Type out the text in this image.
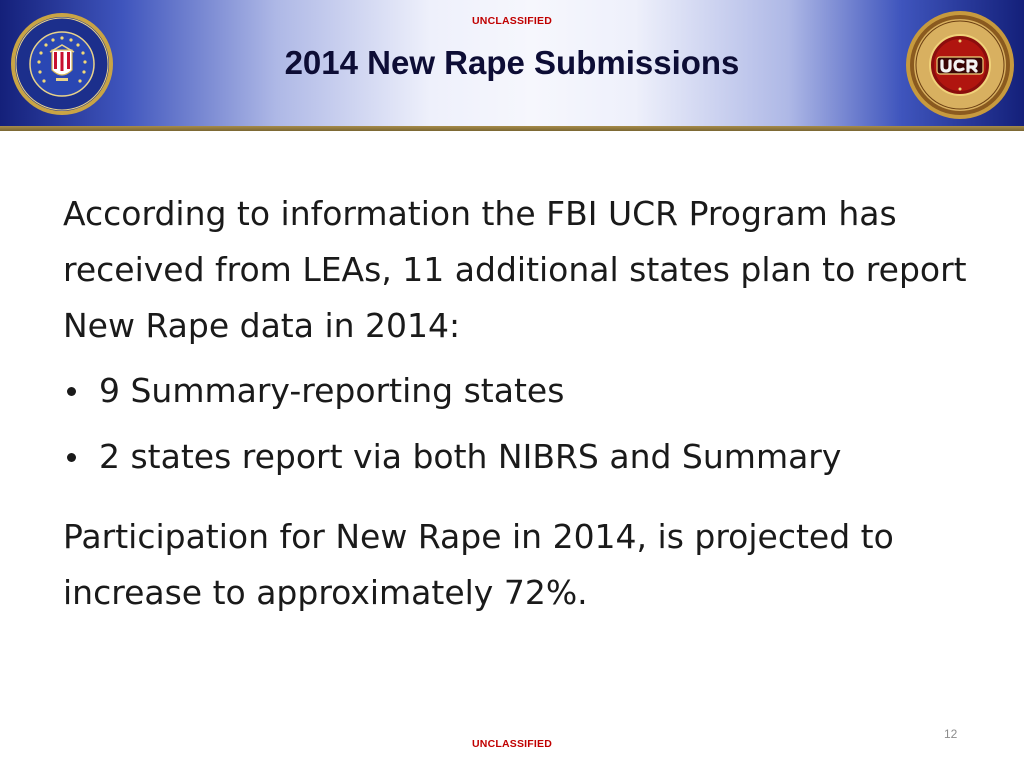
UNCLASSIFIED
2014 New Rape Submissions

According to information the FBI UCR Program has received from LEAs, 11 additional states plan to report New Rape data in 2014:

9 Summary-reporting states
2 states report via both NIBRS and Summary

Participation for New Rape in 2014, is projected to increase to approximately 72%.

12
UNCLASSIFIED
